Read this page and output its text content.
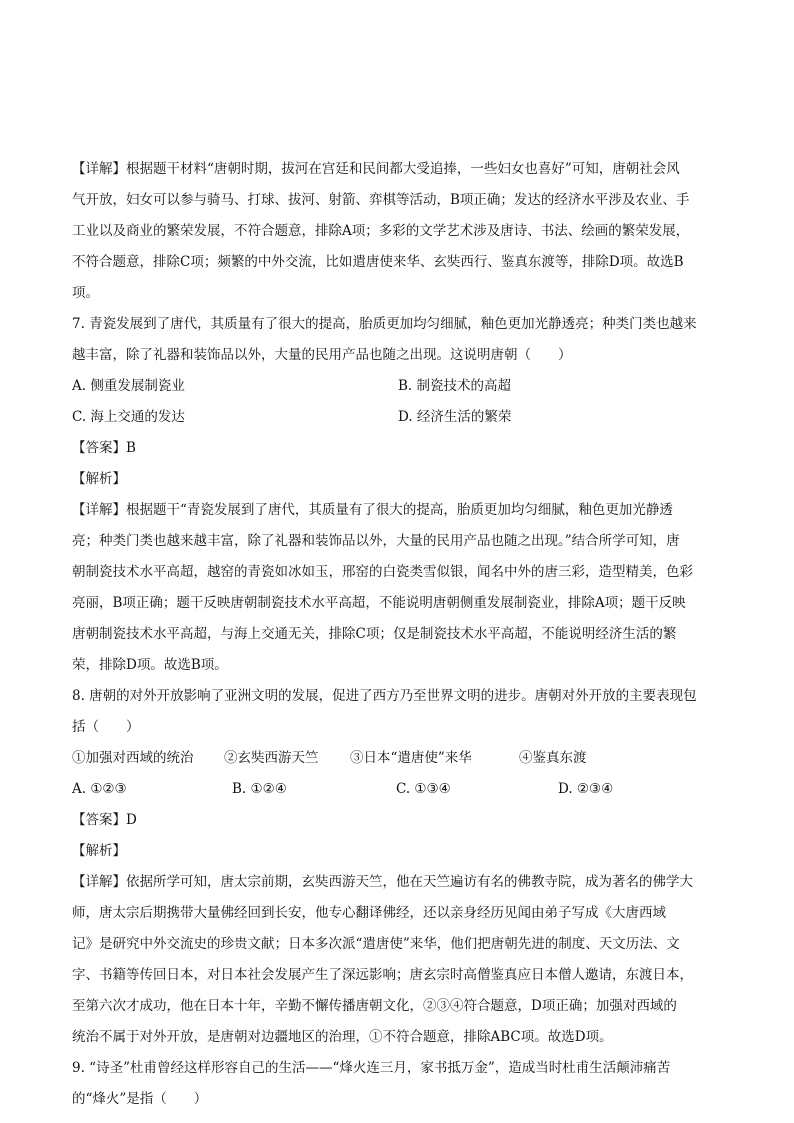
【详解】根据题干材料“唐朝时期，拔河在宫廷和民间都大受追捧，一些妇女也喜好”可知，唐朝社会风
气开放，妇女可以参与骑马、打球、拔河、射箭、弈棋等活动，B项正确；发达的经济水平涉及农业、手
工业以及商业的繁荣发展，不符合题意，排除A项；多彩的文学艺术涉及唐诗、书法、绘画的繁荣发展，
不符合题意，排除C项；频繁的中外交流，比如遣唐使来华、玄奘西行、鉴真东渡等，排除D项。故选B
项。
7. 青瓷发展到了唐代，其质量有了很大的提高，胎质更加均匀细腻，釉色更加光静透亮；种类门类也越来
越丰富，除了礼器和装饰品以外，大量的民用产品也随之出现。这说明唐朝（　　）
A. 侧重发展制瓷业	B. 制瓷技术的高超
C. 海上交通的发达	D. 经济生活的繁荣
【答案】B
【解析】
【详解】根据题干“青瓷发展到了唐代，其质量有了很大的提高，胎质更加均匀细腻，釉色更加光静透
亮；种类门类也越来越丰富，除了礼器和装饰品以外，大量的民用产品也随之出现。”结合所学可知，唐
朝制瓷技术水平高超，越窑的青瓷如冰如玉，邢窑的白瓷类雪似银，闻名中外的唐三彩，造型精美，色彩
亮丽，B项正确；题干反映唐朝制瓷技术水平高超，不能说明唐朝侧重发展制瓷业，排除A项；题干反映
唐朝制瓷技术水平高超，与海上交通无关，排除C项；仅是制瓷技术水平高超，不能说明经济生活的繁
荣，排除D项。故选B项。
8. 唐朝的对外开放影响了亚洲文明的发展，促进了西方乃至世界文明的进步。唐朝对外开放的主要表现包
括（　　）
①加强对西域的统治 ②玄奘西游天竺 ③日本“遣唐使”来华	④鉴真东渡
A. ①②③	B. ①②④	C. ①③④	D. ②③④
【答案】D
【解析】
【详解】依据所学可知，唐太宗前期，玄奘西游天竺，他在天竺遍访有名的佛教寺院，成为著名的佛学大
师，唐太宗后期携带大量佛经回到长安，他专心翻译佛经，还以亲身经历见闻由弟子写成《大唐西域
记》是研究中外交流史的珍贵文献；日本多次派“遣唐使”来华，他们把唐朝先进的制度、天文历法、文
字、书籍等传回日本，对日本社会发展产生了深远影响；唐玄宗时高僧鉴真应日本僧人邀请，东渡日本，
至第六次才成功，他在日本十年，辛勤不懈传播唐朝文化，②③④符合题意，D项正确；加强对西域的
统治不属于对外开放，是唐朝对边疆地区的治理，①不符合题意，排除ABC项。故选D项。
9. “诗圣”杜甫曾经这样形容自己的生活——“烽火连三月，家书抵万金”，造成当时杜甫生活颠沛痛苦
的“烽火”是指（　　）
